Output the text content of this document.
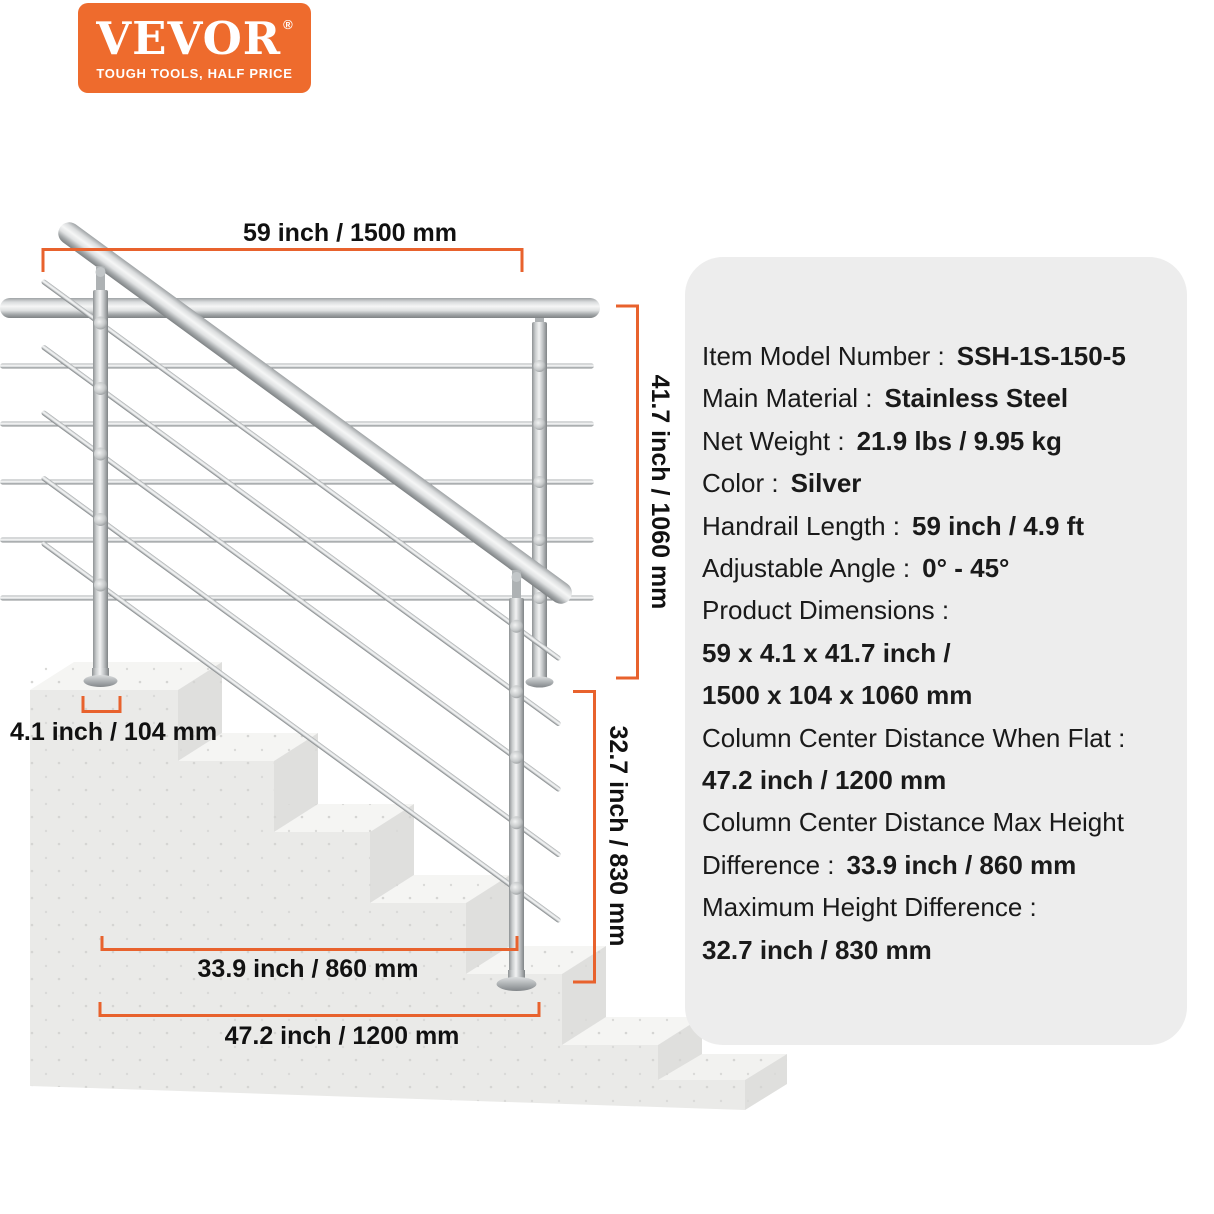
VEVOR ®
TOUGH TOOLS, HALF PRICE
59 inch / 1500 mm
41.7 inch / 1060 mm
32.7 inch / 830 mm
4.1 inch / 104 mm
33.9 inch / 860 mm
47.2 inch / 1200 mm
Item Model Number : SSH-1S-150-5
Main Material : Stainless Steel
Net Weight : 21.9 lbs / 9.95 kg
Color : Silver
Handrail Length : 59 inch / 4.9 ft
Adjustable Angle : 0° - 45°
Product Dimensions :
59 x 4.1 x 41.7 inch /
1500 x 104 x 1060 mm
Column Center Distance When Flat :
47.2 inch / 1200 mm
Column Center Distance Max Height
Difference : 33.9 inch / 860 mm
Maximum Height Difference :
32.7 inch / 830 mm
